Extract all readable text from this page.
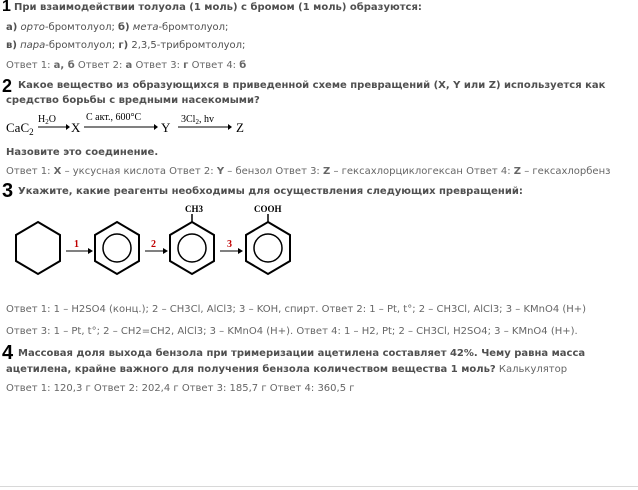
1 При взаимодействии толуола (1 моль) с бромом (1 моль) образуются:
а) орто-бромтолуол; б) мета-бромтолуол;
в) пара-бромтолуол; г) 2,3,5-трибромтолуол;
Ответ 1: а, б Ответ 2: а Ответ 3: г Ответ 4: б
2 Какое вещество из образующихся в приведенной схеме превращений (X, Y или Z) используется как
средство борьбы с вредными насекомыми?
CaC$_2$
$H_2O$
X
C акт., 600°C
Y
$3Cl_2$, hv
Z
Назовите это соединение.
Ответ 1: X – уксусная кислота Ответ 2: Y – бензол Ответ 3: Z – гексахлорциклогексан Ответ 4: Z – гексахлорбенз
3 Укажите, какие реагенты необходимы для осуществления следующих превращений:
1	2
CH3
3
COOH
Ответ 1: 1 – H2SO4 (конц.); 2 – CH3Cl, AlCl3; 3 – KOH, спирт. Ответ 2: 1 – Pt, t°; 2 – CH3Cl, AlCl3; 3 – KMnO4 (H+)
Ответ 3: 1 – Pt, t°; 2 – CH2=CH2, AlCl3; 3 – KMnO4 (H+). Ответ 4: 1 – H2, Pt; 2 – CH3Cl, H2SO4; 3 – KMnO4 (H+).
4 Массовая доля выхода бензола при тримеризации ацетилена составляет 42%. Чему равна масса
ацетилена, крайне важного для получения бензола количеством вещества 1 моль? Калькулятор
Ответ 1: 120,3 г Ответ 2: 202,4 г Ответ 3: 185,7 г Ответ 4: 360,5 г
